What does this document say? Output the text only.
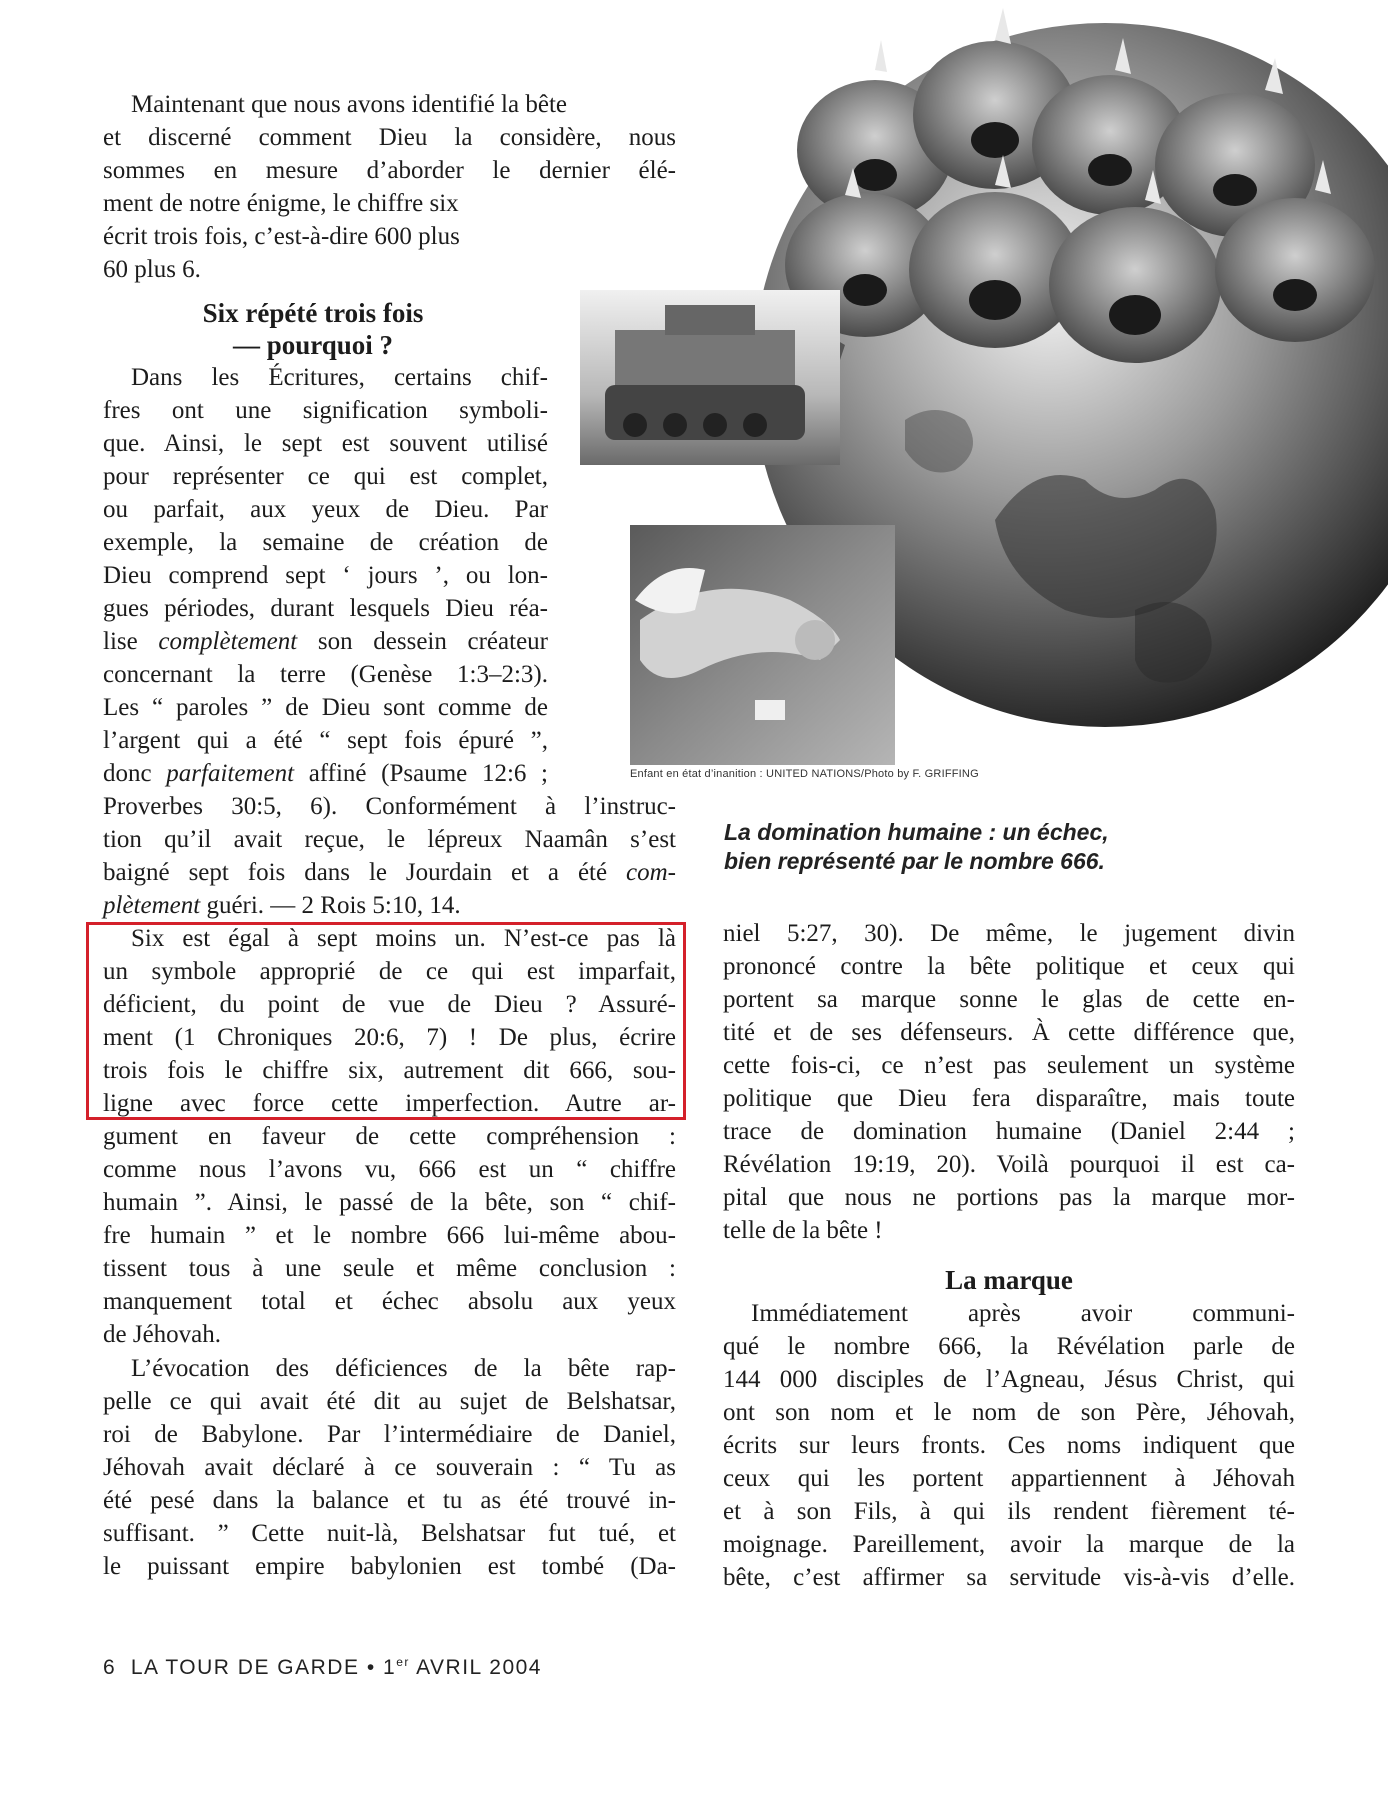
Enfant en état d’inanition : UNITED NATIONS/Photo by F. GRIFFING
La domination humaine : un échec,
bien représenté par le nombre 666.

Maintenant que nous avons identifié la bête
et discerné comment Dieu la considère, nous
sommes en mesure d’aborder le dernier élé-
ment de notre énigme, le chiffre six
écrit trois fois, c’est-à-dire 600 plus
60 plus 6.

Six répété trois fois
— pourquoi ?
Dans les Écritures, certains chif-
fres ont une signification symboli-
que. Ainsi, le sept est souvent utilisé
pour représenter ce qui est complet,
ou parfait, aux yeux de Dieu. Par
exemple, la semaine de création de
Dieu comprend sept ‘ jours ’, ou lon-
gues périodes, durant lesquels Dieu réa-
lise complètement son dessein créateur
concernant la terre (Genèse 1:3–2:3).
Les “ paroles ” de Dieu sont comme de
l’argent qui a été “ sept fois épuré ”,
donc parfaitement affiné (Psaume 12:6 ;
Proverbes 30:5, 6). Conformément à l’instruc-
tion qu’il avait reçue, le lépreux Naamân s’est
baigné sept fois dans le Jourdain et a été com-
plètement guéri. — 2 Rois 5:10, 14.
Six est égal à sept moins un. N’est-ce pas là
un symbole approprié de ce qui est imparfait,
déficient, du point de vue de Dieu ? Assuré-
ment (1 Chroniques 20:6, 7) ! De plus, écrire
trois fois le chiffre six, autrement dit 666, sou-
ligne avec force cette imperfection. Autre ar-
gument en faveur de cette compréhension :
comme nous l’avons vu, 666 est un “ chiffre
humain ”. Ainsi, le passé de la bête, son “ chif-
fre humain ” et le nombre 666 lui-même abou-
tissent tous à une seule et même conclusion :
manquement total et échec absolu aux yeux
de Jéhovah.
L’évocation des déficiences de la bête rap-
pelle ce qui avait été dit au sujet de Belshatsar,
roi de Babylone. Par l’intermédiaire de Daniel,
Jéhovah avait déclaré à ce souverain : “ Tu as
été pesé dans la balance et tu as été trouvé in-
suffisant. ” Cette nuit-là, Belshatsar fut tué, et
le puissant empire babylonien est tombé (Da-
niel 5:27, 30). De même, le jugement divin
prononcé contre la bête politique et ceux qui
portent sa marque sonne le glas de cette en-
tité et de ses défenseurs. À cette différence que,
cette fois-ci, ce n’est pas seulement un système
politique que Dieu fera disparaître, mais toute
trace de domination humaine (Daniel 2:44 ;
Révélation 19:19, 20). Voilà pourquoi il est ca-
pital que nous ne portions pas la marque mor-
telle de la bête !
La marque
Immédiatement après avoir communi-
qué le nombre 666, la Révélation parle de
144 000 disciples de l’Agneau, Jésus Christ, qui
ont son nom et le nom de son Père, Jéhovah,
écrits sur leurs fronts. Ces noms indiquent que
ceux qui les portent appartiennent à Jéhovah
et à son Fils, à qui ils rendent fièrement té-
moignage. Pareillement, avoir la marque de la
bête, c’est affirmer sa servitude vis-à-vis d’elle.
6 LA TOUR DE GARDE • 1er AVRIL 2004
